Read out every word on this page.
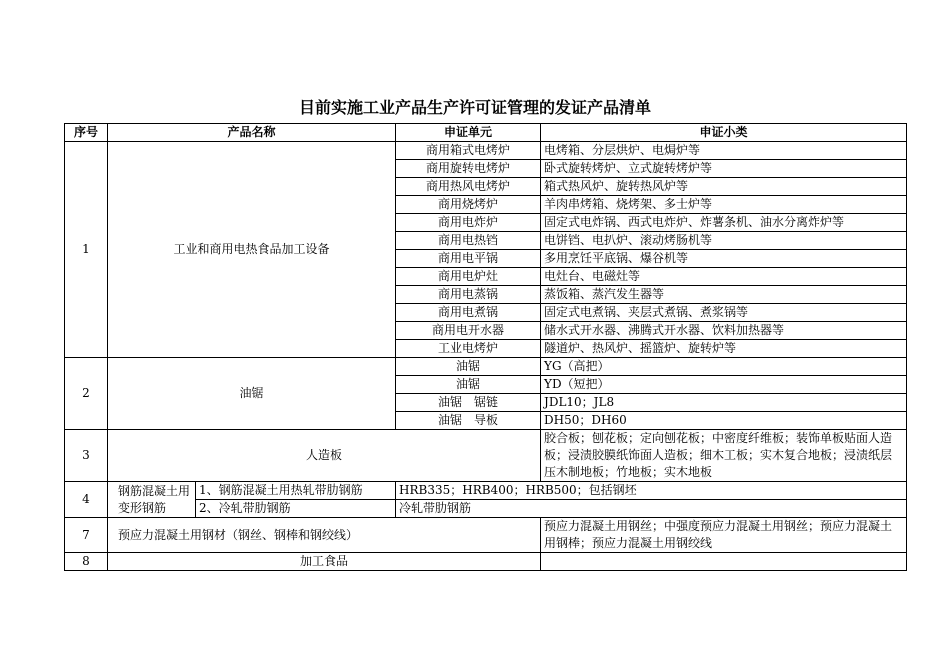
目前实施工业产品生产许可证管理的发证产品清单
序号	产品名称		申证单元	申证小类
1	工业和商用电热食品加工设备		商用箱式电烤炉	电烤箱、分层烘炉、电焗炉等
			商用旋转电烤炉	卧式旋转烤炉、立式旋转烤炉等
			商用热风电烤炉	箱式热风炉、旋转热风炉等
			商用烧烤炉	羊肉串烤箱、烧烤架、多士炉等
			商用电炸炉	固定式电炸锅、西式电炸炉、炸薯条机、油水分离炸炉等
			商用电热铛	电饼铛、电扒炉、滚动烤肠机等
			商用电平锅	多用烹饪平底锅、爆谷机等
			商用电炉灶	电灶台、电磁灶等
			商用电蒸锅	蒸饭箱、蒸汽发生器等
			商用电煮锅	固定式电煮锅、夹层式煮锅、煮浆锅等
			商用电开水器	储水式开水器、沸腾式开水器、饮料加热器等
			工业电烤炉	隧道炉、热风炉、摇篮炉、旋转炉等
2	油锯		油锯	YG（高把）
			油锯	YD（短把）
			油锯　锯链	JDL10；JL8
			油锯　导板	DH50；DH60
3	人造板			胶合板；刨花板；定向刨花板；中密度纤维板；装饰单板贴面人造板；浸渍胶膜纸饰面人造板；细木工板；实木复合地板；浸渍纸层压木制地板；竹地板；实木地板
4	钢筋混凝土用变形钢筋	1、钢筋混凝土用热轧带肋钢筋	HRB335；HRB400；HRB500；包括钢坯	
		2、冷轧带肋钢筋	冷轧带肋钢筋	
7	预应力混凝土用钢材（钢丝、钢棒和钢绞线）			预应力混凝土用钢丝；中强度预应力混凝土用钢丝；预应力混凝土用钢棒；预应力混凝土用钢绞线
8	加工食品			
